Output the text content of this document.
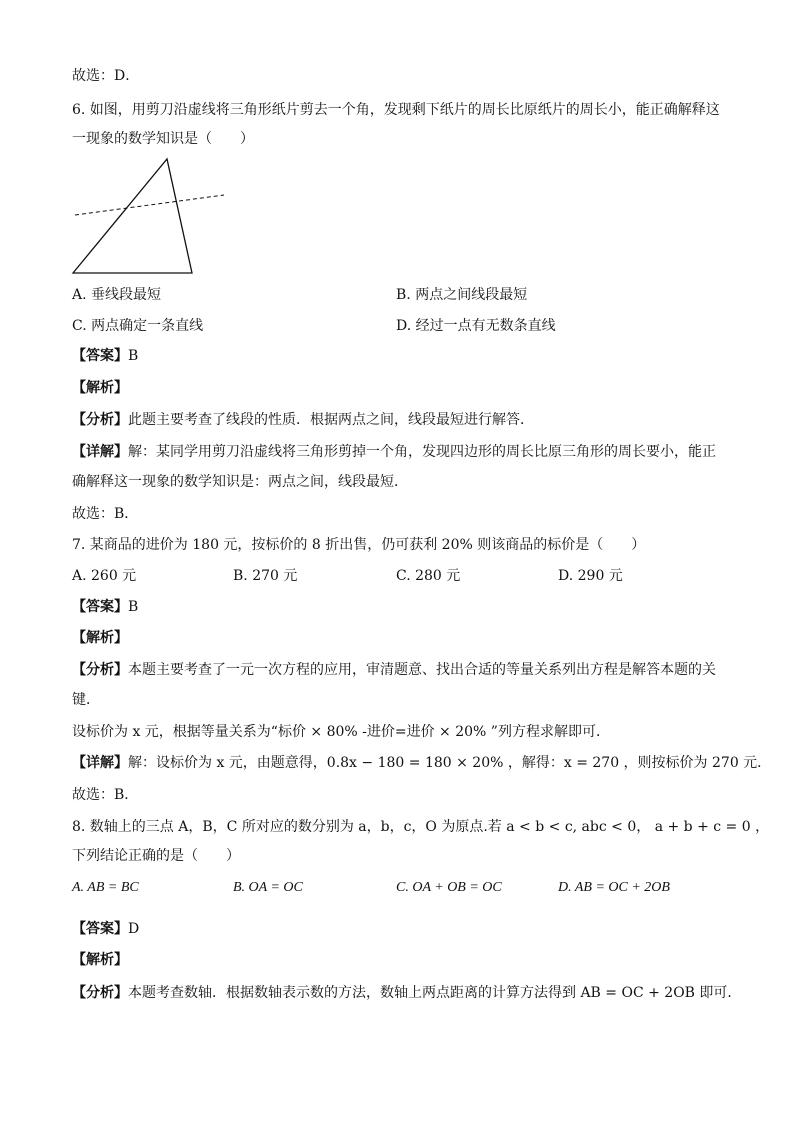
故选：D．
6. 如图，用剪刀沿虚线将三角形纸片剪去一个角，发现剩下纸片的周长比原纸片的周长小，能正确解释这
一现象的数学知识是（　　）
A. 垂线段最短	B. 两点之间线段最短
C. 两点确定一条直线	D. 经过一点有无数条直线
【答案】B
【解析】
【分析】此题主要考查了线段的性质．根据两点之间，线段最短进行解答．
【详解】解：某同学用剪刀沿虚线将三角形剪掉一个角，发现四边形的周长比原三角形的周长要小，能正
确解释这一现象的数学知识是：两点之间，线段最短．
故选：B．
7. 某商品的进价为 180 元，按标价的 8 折出售，仍可获利 20% 则该商品的标价是（　　）
A. 260 元	B. 270 元	C. 280 元	D. 290 元
【答案】B
【解析】
【分析】本题主要考查了一元一次方程的应用，审清题意、找出合适的等量关系列出方程是解答本题的关
键．
设标价为 x 元，根据等量关系为“标价 × 80% -进价=进价 × 20% ”列方程求解即可．
【详解】解：设标价为 x 元，由题意得，0.8x − 180 = 180 × 20% ，解得：x = 270 ，则按标价为 270 元．
故选：B．
8. 数轴上的三点 A，B，C 所对应的数分别为 a，b，c，O 为原点.若 a < b < c, abc < 0， a + b + c = 0 ，
下列结论正确的是（　　）
A. AB = BC	B. OA = OC	C. OA + OB = OC	D. AB = OC + 2OB
【答案】D
【解析】
【分析】本题考查数轴．根据数轴表示数的方法，数轴上两点距离的计算方法得到 AB = OC + 2OB 即可．
